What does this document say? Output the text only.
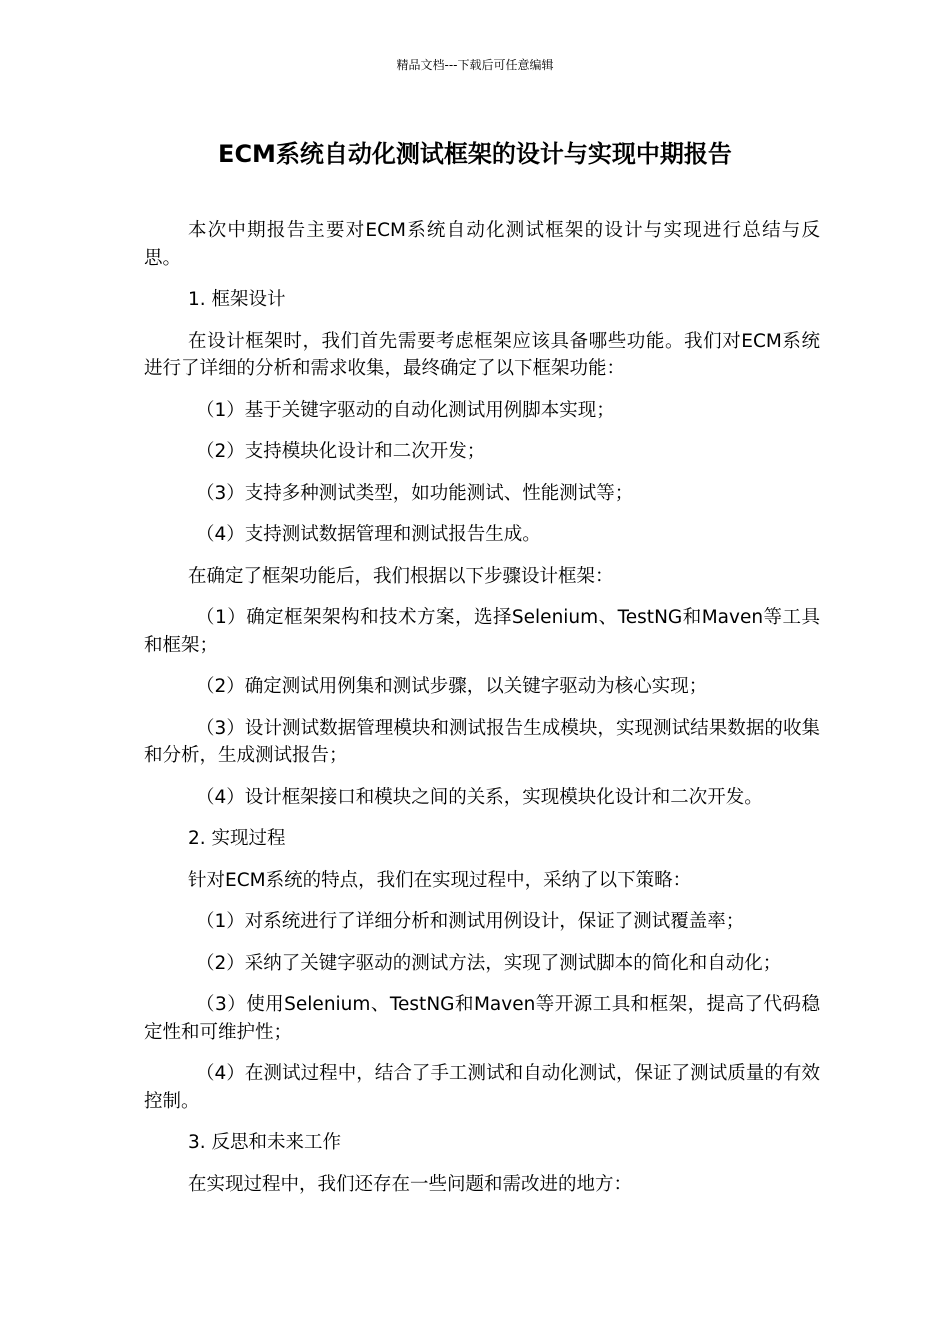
精品文档---下载后可任意编辑
ECM系统自动化测试框架的设计与实现中期报告

本次中期报告主要对ECM系统自动化测试框架的设计与实现进行总结与反思。

1. 框架设计

在设计框架时，我们首先需要考虑框架应该具备哪些功能。我们对ECM系统进行了详细的分析和需求收集，最终确定了以下框架功能：

（1）基于关键字驱动的自动化测试用例脚本实现；

（2）支持模块化设计和二次开发；

（3）支持多种测试类型，如功能测试、性能测试等；

（4）支持测试数据管理和测试报告生成。

在确定了框架功能后，我们根据以下步骤设计框架：

（1）确定框架架构和技术方案，选择Selenium、TestNG和Maven等工具和框架；

（2）确定测试用例集和测试步骤，以关键字驱动为核心实现；

（3）设计测试数据管理模块和测试报告生成模块，实现测试结果数据的收集和分析，生成测试报告；

（4）设计框架接口和模块之间的关系，实现模块化设计和二次开发。

2. 实现过程

针对ECM系统的特点，我们在实现过程中，采纳了以下策略：

（1）对系统进行了详细分析和测试用例设计，保证了测试覆盖率；

（2）采纳了关键字驱动的测试方法，实现了测试脚本的简化和自动化；

（3）使用Selenium、TestNG和Maven等开源工具和框架，提高了代码稳定性和可维护性；

（4）在测试过程中，结合了手工测试和自动化测试，保证了测试质量的有效控制。

3. 反思和未来工作

在实现过程中，我们还存在一些问题和需改进的地方：
